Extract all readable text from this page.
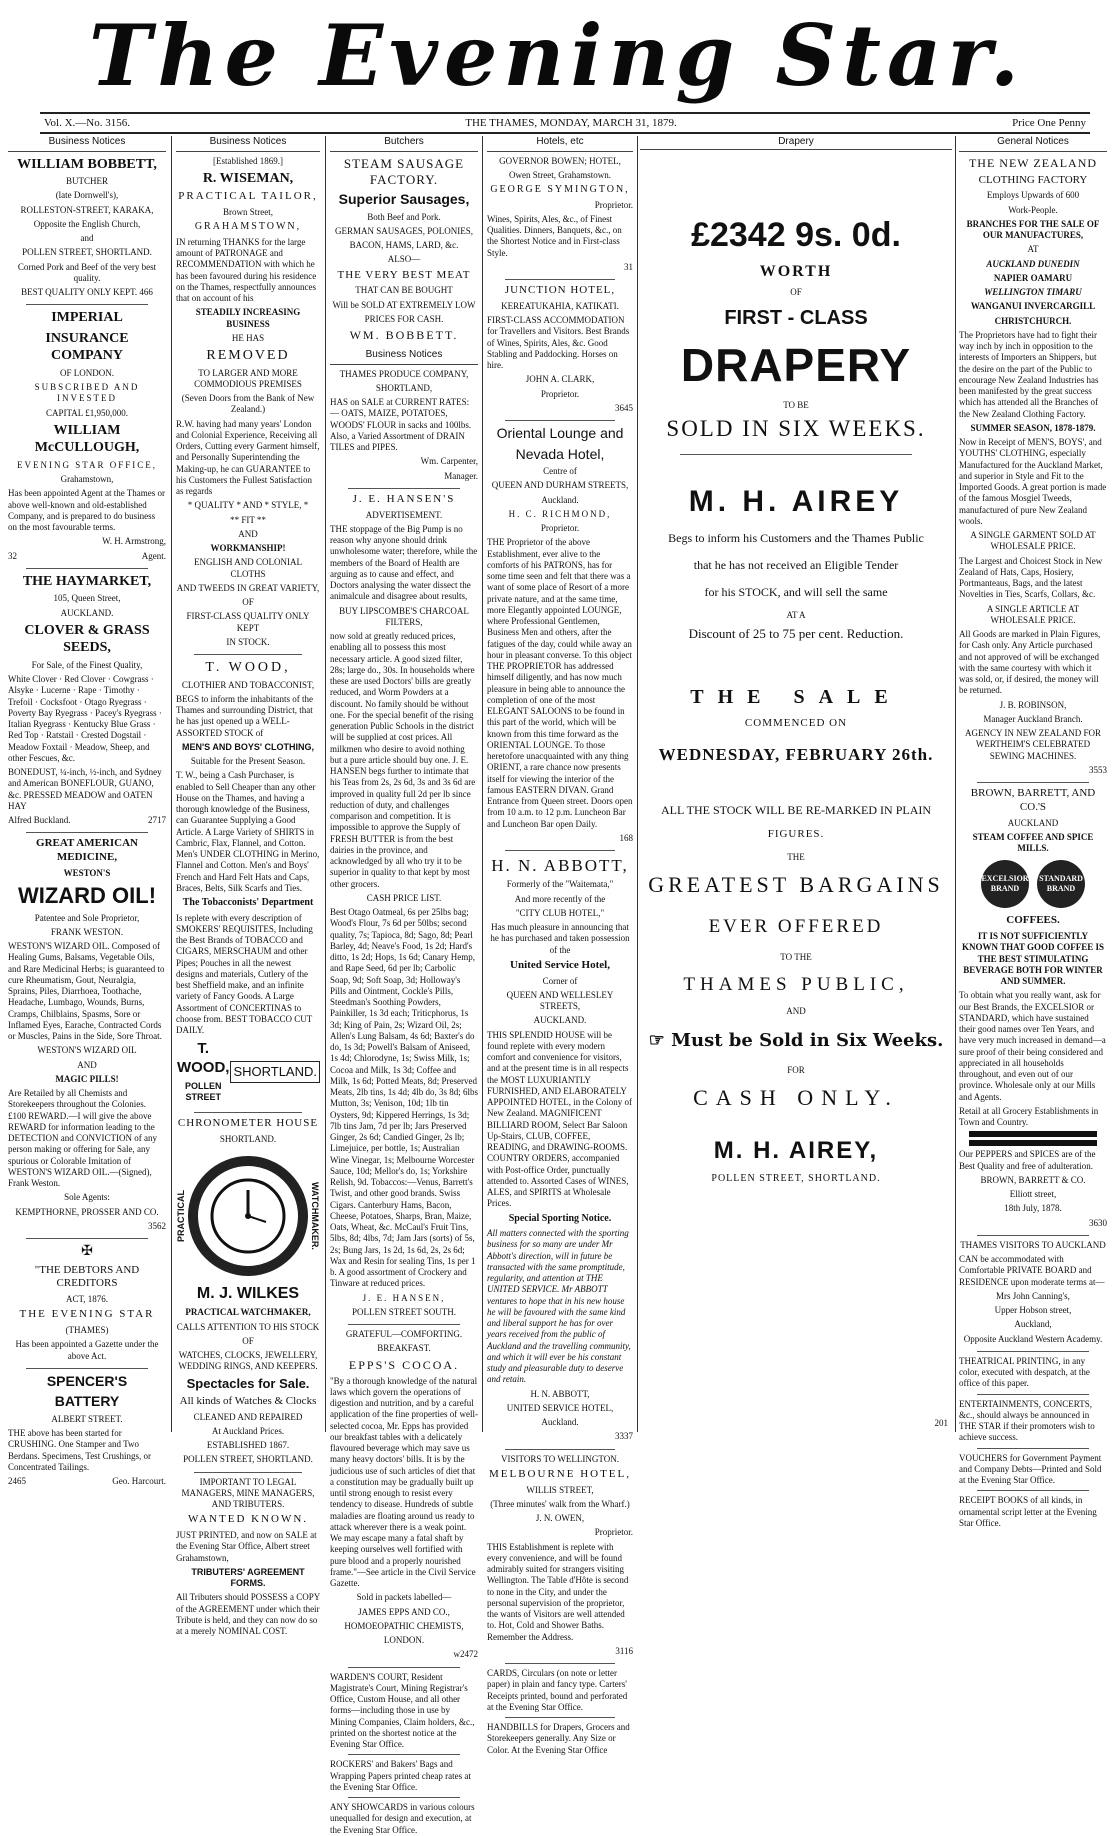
The Evening Star.
Vol. X.—No. 3156.	THE THAMES, MONDAY, MARCH 31, 1879.	Price One Penny
Business Notices

WILLIAM BOBBETT,

BUTCHER

(late Dornwell's),

ROLLESTON-STREET, KARAKA,

Opposite the English Church,

and

POLLEN STREET, SHORTLAND.

Corned Pork and Beef of the very best quality.

BEST QUALITY ONLY KEPT. 466

IMPERIAL

INSURANCE COMPANY

OF LONDON.

SUBSCRIBED AND INVESTED

CAPITAL £1,950,000.

WILLIAM McCULLOUGH,

EVENING STAR OFFICE,

Grahamstown,

Has been appointed Agent at the Thames or above well-known and old-established Company, and is prepared to do business on the most favourable terms.

W. H. Armstrong,

32	Agent.

THE HAYMARKET,

105, Queen Street,

AUCKLAND.

CLOVER & GRASS SEEDS,

For Sale, of the Finest Quality,

White Clover · Red Clover · Cowgrass · Alsyke · Lucerne · Rape · Timothy · Trefoil · Cocksfoot · Otago Ryegrass · Poverty Bay Ryegrass · Pacey's Ryegrass · Italian Ryegrass · Kentucky Blue Grass · Red Top · Ratstail · Crested Dogstail · Meadow Foxtail · Meadow, Sheep, and other Fescues, &c.

BONEDUST, ¼-inch, ½-inch, and Sydney and American BONEFLOUR, GUANO, &c. PRESSED MEADOW and OATEN HAY

Alfred Buckland.	2717

GREAT AMERICAN MEDICINE,

WESTON'S

WIZARD OIL!

Patentee and Sole Proprietor,

FRANK WESTON.

WESTON'S WIZARD OIL. Composed of Healing Gums, Balsams, Vegetable Oils, and Rare Medicinal Herbs; is guaranteed to cure Rheumatism, Gout, Neuralgia, Sprains, Piles, Diarrhoea, Toothache, Headache, Lumbago, Wounds, Burns, Cramps, Chilblains, Spasms, Sore or Inflamed Eyes, Earache, Contracted Cords or Muscles, Pains in the Side, Sore Throat.

WESTON'S WIZARD OIL

AND

MAGIC PILLS!

Are Retailed by all Chemists and Storekeepers throughout the Colonies. £100 REWARD.—I will give the above REWARD for information leading to the DETECTION and CONVICTION of any person making or offering for Sale, any spurious or Colorable Imitation of WESTON'S WIZARD OIL.—(Signed), Frank Weston.

Sole Agents:

KEMPTHORNE, PROSSER AND CO.

3562

✠

"THE DEBTORS AND CREDITORS

ACT, 1876.

THE EVENING STAR

(THAMES)

Has been appointed a Gazette under the above Act.

SPENCER'S

BATTERY

ALBERT STREET.

THE above has been started for CRUSHING. One Stamper and Two Berdans. Specimens, Test Crushings, or Concentrated Tailings.

2465	Geo. Harcourt.

Business Notices

[Established 1869.]

R. WISEMAN,

PRACTICAL TAILOR,

Brown Street,

GRAHAMSTOWN,

IN returning THANKS for the large amount of PATRONAGE and RECOMMENDATION with which he has been favoured during his residence on the Thames, respectfully announces that on account of his

STEADILY INCREASING BUSINESS

HE HAS

REMOVED

TO LARGER AND MORE COMMODIOUS PREMISES

(Seven Doors from the Bank of New Zealand.)

R.W. having had many years' London and Colonial Experience, Receiving all Orders, Cutting every Garment himself, and Personally Superintending the Making-up, he can GUARANTEE to his Customers the Fullest Satisfaction as regards

* QUALITY * AND * STYLE, *

** FIT **

AND

WORKMANSHIP!

ENGLISH AND COLONIAL CLOTHS

AND TWEEDS IN GREAT VARIETY,

OF

FIRST-CLASS QUALITY ONLY KEPT

IN STOCK.

T. WOOD,

CLOTHIER AND TOBACCONIST,

BEGS to inform the inhabitants of the Thames and surrounding District, that he has just opened up a WELL-ASSORTED STOCK of

MEN'S AND BOYS' CLOTHING,

Suitable for the Present Season.

T. W., being a Cash Purchaser, is enabled to Sell Cheaper than any other House on the Thames, and having a thorough knowledge of the Business, can Guarantee Supplying a Good Article. A Large Variety of SHIRTS in Cambric, Flax, Flannel, and Cotton. Men's UNDER CLOTHING in Merino, Flannel and Cotton. Men's and Boys' French and Hard Felt Hats and Caps, Braces, Belts, Silk Scarfs and Ties.

The Tobacconists' Department

Is replete with every description of SMOKERS' REQUISITES, Including the Best Brands of TOBACCO and CIGARS, MERSCHAUM and other Pipes; Pouches in all the newest designs and materials, Cutlery of the best Sheffield make, and an infinite variety of Fancy Goods. A Large Assortment of CONCERTINAS to choose from. BEST TOBACCO CUT DAILY.

T. WOOD,

POLLEN STREET

SHORTLAND.

CHRONOMETER HOUSE

SHORTLAND.

PRACTICAL	WATCHMAKER.

M. J. WILKES

PRACTICAL WATCHMAKER,

CALLS ATTENTION TO HIS STOCK

OF

WATCHES, CLOCKS, JEWELLERY, WEDDING RINGS, AND KEEPERS.

Spectacles for Sale.

All kinds of Watches & Clocks

CLEANED AND REPAIRED

At Auckland Prices.

ESTABLISHED 1867.

POLLEN STREET, SHORTLAND.

IMPORTANT TO LEGAL MANAGERS, MINE MANAGERS, AND TRIBUTERS.

WANTED KNOWN.

JUST PRINTED, and now on SALE at the Evening Star Office, Albert street Grahamstown,

TRIBUTERS' AGREEMENT FORMS.

All Tributers should POSSESS a COPY of the AGREEMENT under which their Tribute is held, and they can now do so at a merely NOMINAL COST.

Butchers

STEAM SAUSAGE FACTORY.

Superior Sausages,

Both Beef and Pork.

GERMAN SAUSAGES, POLONIES,

BACON, HAMS, LARD, &c.

ALSO—

THE VERY BEST MEAT

THAT CAN BE BOUGHT

Will be SOLD AT EXTREMELY LOW

PRICES FOR CASH.

WM. BOBBETT.

Business Notices

THAMES PRODUCE COMPANY,

SHORTLAND,

HAS on SALE at CURRENT RATES:— OATS, MAIZE, POTATOES, WOODS' FLOUR in sacks and 100lbs. Also, a Varied Assortment of DRAIN TILES and PIPES.

Wm. Carpenter,

Manager.

J. E. HANSEN'S

ADVERTISEMENT.

THE stoppage of the Big Pump is no reason why anyone should drink unwholesome water; therefore, while the members of the Board of Health are arguing as to cause and effect, and Doctors analysing the water dissect the animalcule and disagree about results,

BUY LIPSCOMBE'S CHARCOAL FILTERS,

now sold at greatly reduced prices, enabling all to possess this most necessary article. A good sized filter, 28s; large do., 30s. In households where these are used Doctors' bills are greatly reduced, and Worm Powders at a discount. No family should be without one. For the special benefit of the rising generation Public Schools in the district will be supplied at cost prices. All milkmen who desire to avoid nothing but a pure article should buy one. J. E. HANSEN begs further to intimate that his Teas from 2s, 2s 6d, 3s and 3s 6d are improved in quality full 2d per lb since reduction of duty, and challenges comparison and competition. It is impossible to approve the Supply of FRESH BUTTER is from the best dairies in the province, and acknowledged by all who try it to be superior in quality to that kept by most other grocers.

CASH PRICE LIST.

Best Otago Oatmeal, 6s per 25lbs bag; Wood's Flour, 7s 6d per 50lbs; second quality, 7s; Tapioca, 8d; Sago, 8d; Pearl Barley, 4d; Neave's Food, 1s 2d; Hard's ditto, 1s 2d; Hops, 1s 6d; Canary Hemp, and Rape Seed, 6d per lb; Carbolic Soap, 9d; Soft Soap, 3d; Holloway's Pills and Ointment, Cockle's Pills, Steedman's Soothing Powders, Painkiller, 1s 3d each; Triticphorus, 1s 3d; King of Pain, 2s; Wizard Oil, 2s; Allen's Lung Balsam, 4s 6d; Baxter's do do, 1s 3d; Powell's Balsam of Aniseed, 1s 4d; Chlorodyne, 1s; Swiss Milk, 1s; Cocoa and Milk, 1s 3d; Coffee and Milk, 1s 6d; Potted Meats, 8d; Preserved Meats, 2lb tins, 1s 4d; 4lb do, 3s 8d; 6lbs Mutton, 3s; Venison, 10d; 1lb tin Oysters, 9d; Kippered Herrings, 1s 3d; 7lb tins Jam, 7d per lb; Jars Preserved Ginger, 2s 6d; Candied Ginger, 2s lb; Limejuice, per bottle, 1s; Australian Wine Vinegar, 1s; Melbourne Worcester Sauce, 10d; Mellor's do, 1s; Yorkshire Relish, 9d. Tobaccos:—Venus, Barrett's Twist, and other good brands. Swiss Cigars. Canterbury Hams, Bacon, Cheese, Potatoes, Sharps, Bran, Maize, Oats, Wheat, &c. McCaul's Fruit Tins, 5lbs, 8d; 4lbs, 7d; Jam Jars (sorts) of 5s, 2s; Bung Jars, 1s 2d, 1s 6d, 2s, 2s 6d; Wax and Resin for sealing Tins, 1s per 1 b. A good assortment of Crockery and Tinware at reduced prices.

J. E. HANSEN,

POLLEN STREET SOUTH.

GRATEFUL—COMFORTING.

BREAKFAST.

EPPS'S COCOA.

"By a thorough knowledge of the natural laws which govern the operations of digestion and nutrition, and by a careful application of the fine properties of well-selected cocoa, Mr. Epps has provided our breakfast tables with a delicately flavoured beverage which may save us many heavy doctors' bills. It is by the judicious use of such articles of diet that a constitution may be gradually built up until strong enough to resist every tendency to disease. Hundreds of subtle maladies are floating around us ready to attack wherever there is a weak point. We may escape many a fatal shaft by keeping ourselves well fortified with pure blood and a properly nourished frame."—See article in the Civil Service Gazette.

Sold in packets labelled—

JAMES EPPS AND CO.,

HOMOEOPATHIC CHEMISTS,

LONDON.

w2472

WARDEN'S COURT, Resident Magistrate's Court, Mining Registrar's Office, Custom House, and all other forms—including those in use by Mining Companies, Claim holders, &c., printed on the shortest notice at the Evening Star Office.

ROCKERS' and Bakers' Bags and Wrapping Papers printed cheap rates at the Evening Star Office.

ANY SHOWCARDS in various colours unequalled for design and execution, at the Evening Star Office.

Hotels, etc

GOVERNOR BOWEN; HOTEL,

Owen Street, Grahamstown.

GEORGE SYMINGTON,

Proprietor.

Wines, Spirits, Ales, &c., of Finest Qualities. Dinners, Banquets, &c., on the Shortest Notice and in First-class Style.

31

JUNCTION HOTEL,

KEREATUKAHIA, KATIKATI.

FIRST-CLASS ACCOMMODATION for Travellers and Visitors. Best Brands of Wines, Spirits, Ales, &c. Good Stabling and Paddocking. Horses on hire.

JOHN A. CLARK,

Proprietor.

3645

Oriental Lounge and

Nevada Hotel,

Centre of

QUEEN AND DURHAM STREETS,

Auckland.

H. C. RICHMOND,

Proprietor.

THE Proprietor of the above Establishment, ever alive to the comforts of his PATRONS, has for some time seen and felt that there was a want of some place of Resort of a more private nature, and at the same time, more Elegantly appointed LOUNGE, where Professional Gentlemen, Business Men and others, after the fatigues of the day, could while away an hour in pleasant converse. To this object THE PROPRIETOR has addressed himself diligently, and has now much pleasure in being able to announce the completion of one of the most ELEGANT SALOONS to be found in this part of the world, which will be known from this time forward as the ORIENTAL LOUNGE. To those heretofore unacquainted with any thing ORIENT, a rare chance now presents itself for viewing the interior of the famous EASTERN DIVAN. Grand Entrance from Queen street. Doors open from 10 a.m. to 12 p.m. Luncheon Bar and Luncheon Bar open Daily.

168

H. N. ABBOTT,

Formerly of the "Waitemata,"

And more recently of the

"CITY CLUB HOTEL,"

Has much pleasure in announcing that he has purchased and taken possession of the

United Service Hotel,

Corner of

QUEEN AND WELLESLEY STREETS,

AUCKLAND.

THIS SPLENDID HOUSE will be found replete with every modern comfort and convenience for visitors, and at the present time is in all respects the MOST LUXURIANTLY FURNISHED, AND ELABORATELY APPOINTED HOTEL, in the Colony of New Zealand. MAGNIFICENT BILLIARD ROOM, Select Bar Saloon Up-Stairs, CLUB, COFFEE, READING, and DRAWING-ROOMS. COUNTRY ORDERS, accompanied with Post-office Order, punctually attended to. Assorted Cases of WINES, ALES, and SPIRITS at Wholesale Prices.

Special Sporting Notice.

All matters connected with the sporting business for so many are under Mr Abbott's direction, will in future be transacted with the same promptitude, regularity, and attention at THE UNITED SERVICE. Mr ABBOTT ventures to hope that in his new house he will be favoured with the same kind and liberal support he has for over years received from the public of Auckland and the travelling community, and which it will ever be his constant study and pleasurable duty to deserve and retain.

H. N. ABBOTT,

UNITED SERVICE HOTEL,

Auckland.

3337

VISITORS TO WELLINGTON.

MELBOURNE HOTEL,

WILLIS STREET,

(Three minutes' walk from the Wharf.)

J. N. OWEN,

Proprietor.

THIS Establishment is replete with every convenience, and will be found admirably suited for strangers visiting Wellington. The Table d'Hôte is second to none in the City, and under the personal supervision of the proprietor, the wants of Visitors are well attended to. Hot, Cold and Shower Baths. Remember the Address.

3116

CARDS, Circulars (on note or letter paper) in plain and fancy type. Carters' Receipts printed, bound and perforated at the Evening Star Office.

HANDBILLS for Drapers, Grocers and Storekeepers generally. Any Size or Color. At the Evening Star Office

Drapery
£2342 9s. 0d.
WORTH
OF
FIRST - CLASS
DRAPERY
TO BE
SOLD IN SIX WEEKS.
M. H. AIREY
Begs to inform his Customers and the Thames Public
that he has not received an Eligible Tender
for his STOCK, and will sell the same
AT A
Discount of 25 to 75 per cent. Reduction.
THE SALE
COMMENCED ON
WEDNESDAY, FEBRUARY 26th.
ALL THE STOCK WILL BE RE-MARKED IN PLAIN
FIGURES.
THE
GREATEST BARGAINS
EVER OFFERED
TO THE
THAMES PUBLIC,
AND
☞ Must be Sold in Six Weeks.
FOR
CASH ONLY.
M. H. AIREY,
POLLEN STREET, SHORTLAND.
201
General Notices

THE NEW ZEALAND

CLOTHING FACTORY

Employs Upwards of 600

Work-People.

BRANCHES FOR THE SALE OF OUR MANUFACTURES,

AT

AUCKLAND DUNEDIN

NAPIER OAMARU

WELLINGTON TIMARU

WANGANUI INVERCARGILL

CHRISTCHURCH.

The Proprietors have had to fight their way inch by inch in opposition to the interests of Importers an Shippers, but the desire on the part of the Public to encourage New Zealand Industries has been manifested by the great success which has attended all the Branches of the New Zealand Clothing Factory.

SUMMER SEASON, 1878-1879.

Now in Receipt of MEN'S, BOYS', and YOUTHS' CLOTHING, especially Manufactured for the Auckland Market, and superior in Style and Fit to the Imported Goods. A great portion is made of the famous Mosgiel Tweeds, manufactured of pure New Zealand wools.

A SINGLE GARMENT SOLD AT WHOLESALE PRICE.

The Largest and Choicest Stock in New Zealand of Hats, Caps, Hosiery, Portmanteaus, Bags, and the latest Novelties in Ties, Scarfs, Collars, &c.

A SINGLE ARTICLE AT WHOLESALE PRICE.

All Goods are marked in Plain Figures, for Cash only. Any Article purchased and not approved of will be exchanged with the same courtesy with which it was sold, or, if desired, the money will be returned.

J. B. ROBINSON,

Manager Auckland Branch.

AGENCY IN NEW ZEALAND FOR WERTHEIM'S CELEBRATED SEWING MACHINES.

3553

BROWN, BARRETT, AND CO.'S

AUCKLAND

STEAM COFFEE AND SPICE MILLS.

EXCELSIOR BRAND
STANDARD BRAND

COFFEES.

IT IS NOT SUFFICIENTLY KNOWN THAT GOOD COFFEE IS THE BEST STIMULATING BEVERAGE BOTH FOR WINTER AND SUMMER.

To obtain what you really want, ask for our Best Brands, the EXCELSIOR or STANDARD, which have sustained their good names over Ten Years, and have very much increased in demand—a sure proof of their being considered and appreciated in all households throughout, and even out of our province. Wholesale only at our Mills and Agents.

Retail at all Grocery Establishments in Town and Country.

Our PEPPERS and SPICES are of the Best Quality and free of adulteration.

BROWN, BARRETT & CO.

Elliott street,

18th July, 1878.

3630

THAMES VISITORS TO AUCKLAND

CAN be accommodated with Comfortable PRIVATE BOARD and RESIDENCE upon moderate terms at—

Mrs John Canning's,

Upper Hobson street,

Auckland,

Opposite Auckland Western Academy.

THEATRICAL PRINTING, in any color, executed with despatch, at the office of this paper.

ENTERTAINMENTS, CONCERTS, &c., should always be announced in THE STAR if their promoters wish to achieve success.

VOUCHERS for Government Payment and Company Debts—Printed and Sold at the Evening Star Office.

RECEIPT BOOKS of all kinds, in ornamental script letter at the Evening Star Office.
